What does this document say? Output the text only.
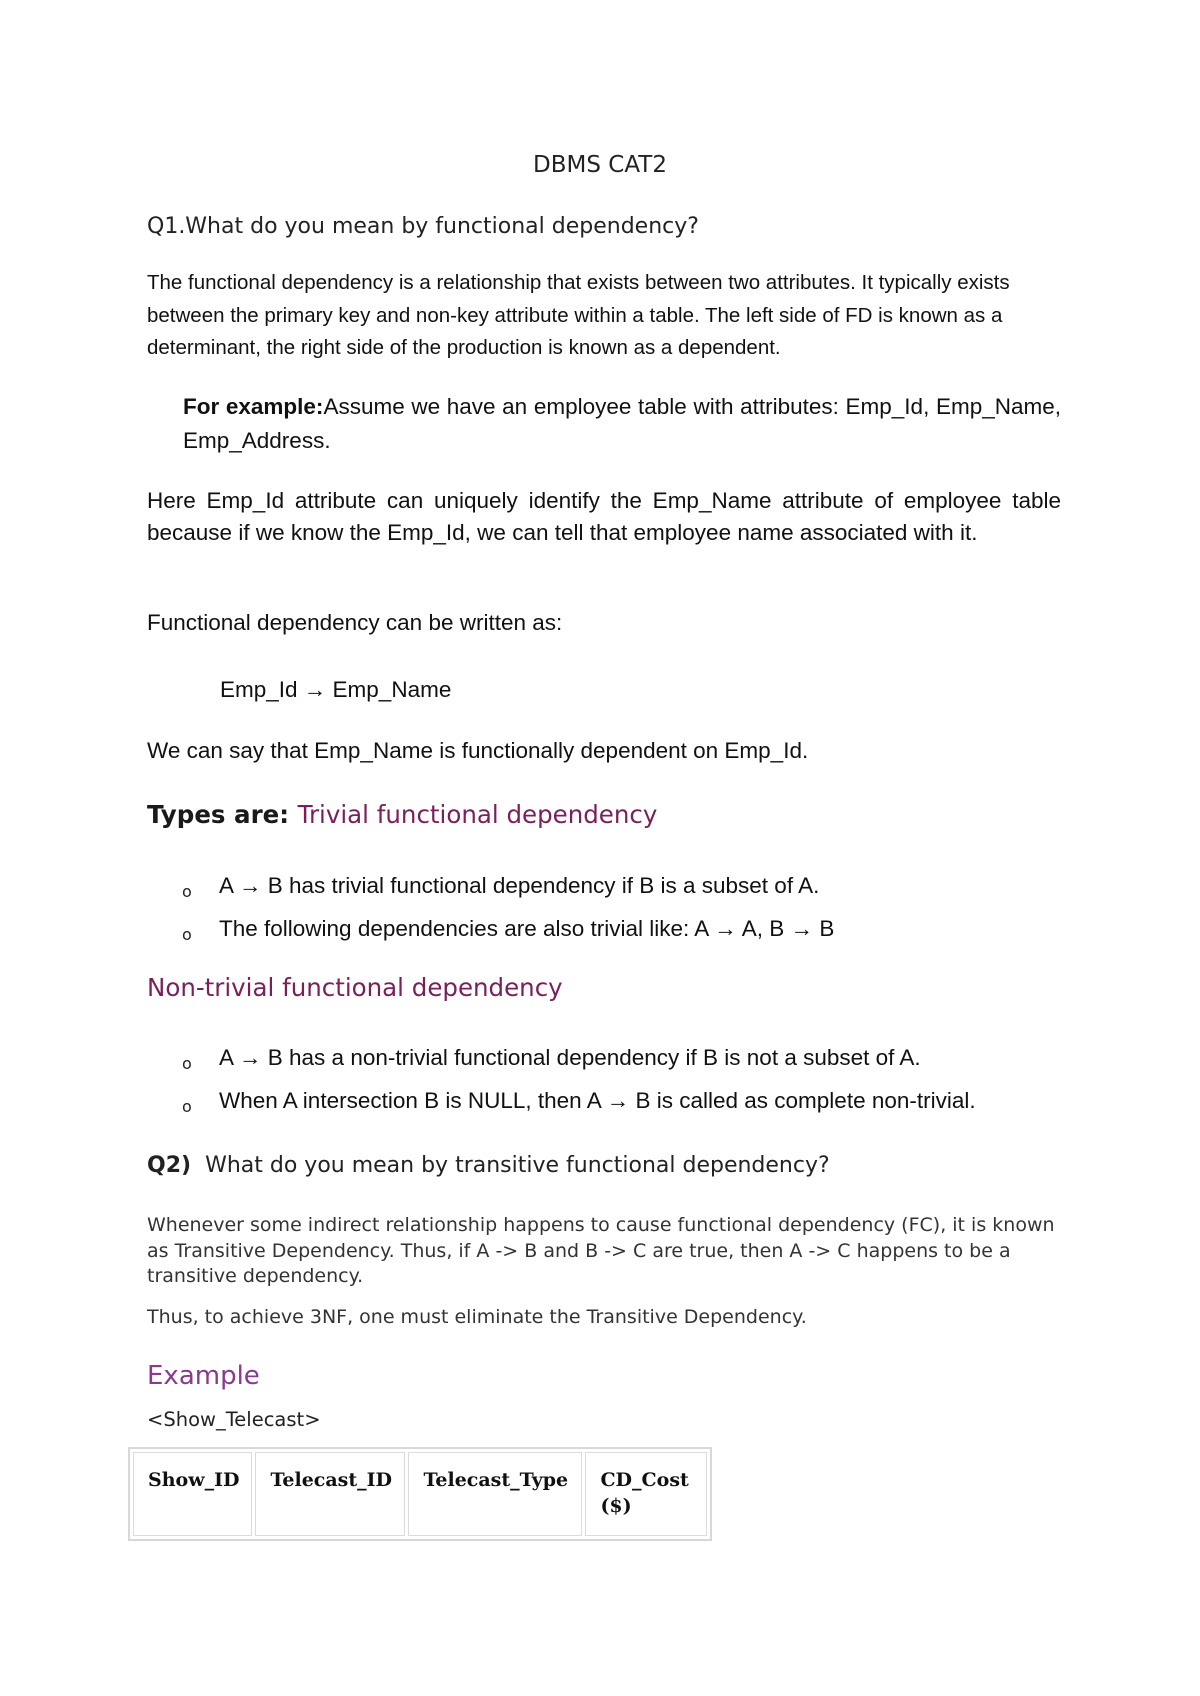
DBMS CAT2
Q1.What do you mean by functional dependency?
The functional dependency is a relationship that exists between two attributes. It typically exists between the primary key and non-key attribute within a table. The left side of FD is known as a determinant, the right side of the production is known as a dependent.
For example:Assume we have an employee table with attributes: Emp_Id, Emp_Name, Emp_Address.
Here Emp_Id attribute can uniquely identify the Emp_Name attribute of employee table because if we know the Emp_Id, we can tell that employee name associated with it.
Functional dependency can be written as:
Emp_Id → Emp_Name
We can say that Emp_Name is functionally dependent on Emp_Id.
Types are: Trivial functional dependency
o A → B has trivial functional dependency if B is a subset of A.
o The following dependencies are also trivial like: A → A, B → B
Non-trivial functional dependency
o A → B has a non-trivial functional dependency if B is not a subset of A.
o When A intersection B is NULL, then A → B is called as complete non-trivial.
Q2) What do you mean by transitive functional dependency?
Whenever some indirect relationship happens to cause functional dependency (FC), it is known as Transitive Dependency. Thus, if A -> B and B -> C are true, then A -> C happens to be a transitive dependency.
Thus, to achieve 3NF, one must eliminate the Transitive Dependency.
Example
<Show_Telecast>
Show_ID	Telecast_ID	Telecast_Type	CD_Cost ($)
